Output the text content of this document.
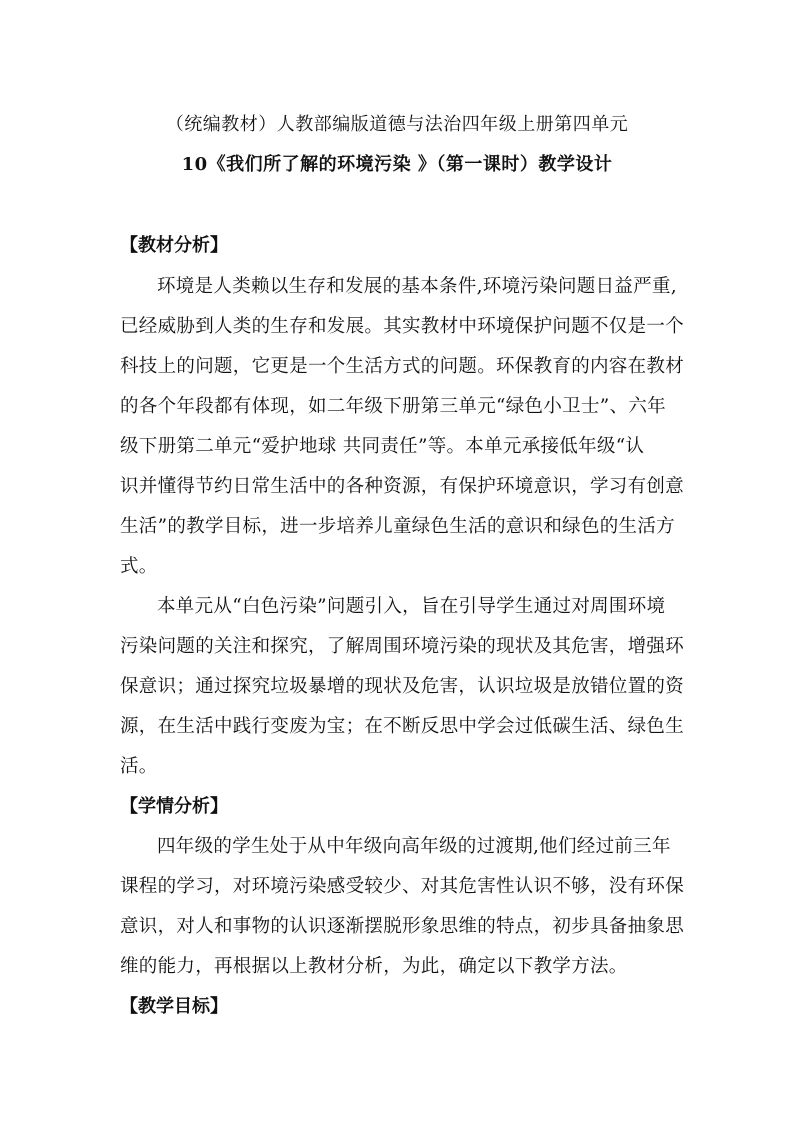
（统编教材）人教部编版道德与法治四年级上册第四单元
10《我们所了解的环境污染 》（第一课时）教学设计
【教材分析】
环境是人类赖以生存和发展的基本条件,环境污染问题日益严重,
已经威胁到人类的生存和发展。其实教材中环境保护问题不仅是一个
科技上的问题，它更是一个生活方式的问题。环保教育的内容在教材
的各个年段都有体现，如二年级下册第三单元“绿色小卫士”、六年
级下册第二单元“爱护地球 共同责任”等。本单元承接低年级“认
识并懂得节约日常生活中的各种资源，有保护环境意识，学习有创意
生活”的教学目标，进一步培养儿童绿色生活的意识和绿色的生活方
式。
本单元从“白色污染”问题引入，旨在引导学生通过对周围环境
污染问题的关注和探究，了解周围环境污染的现状及其危害，增强环
保意识；通过探究垃圾暴增的现状及危害，认识垃圾是放错位置的资
源，在生活中践行变废为宝；在不断反思中学会过低碳生活、绿色生
活。
【学情分析】
四年级的学生处于从中年级向高年级的过渡期,他们经过前三年
课程的学习，对环境污染感受较少、对其危害性认识不够，没有环保
意识，对人和事物的认识逐渐摆脱形象思维的特点，初步具备抽象思
维的能力，再根据以上教材分析，为此，确定以下教学方法。
【教学目标】
